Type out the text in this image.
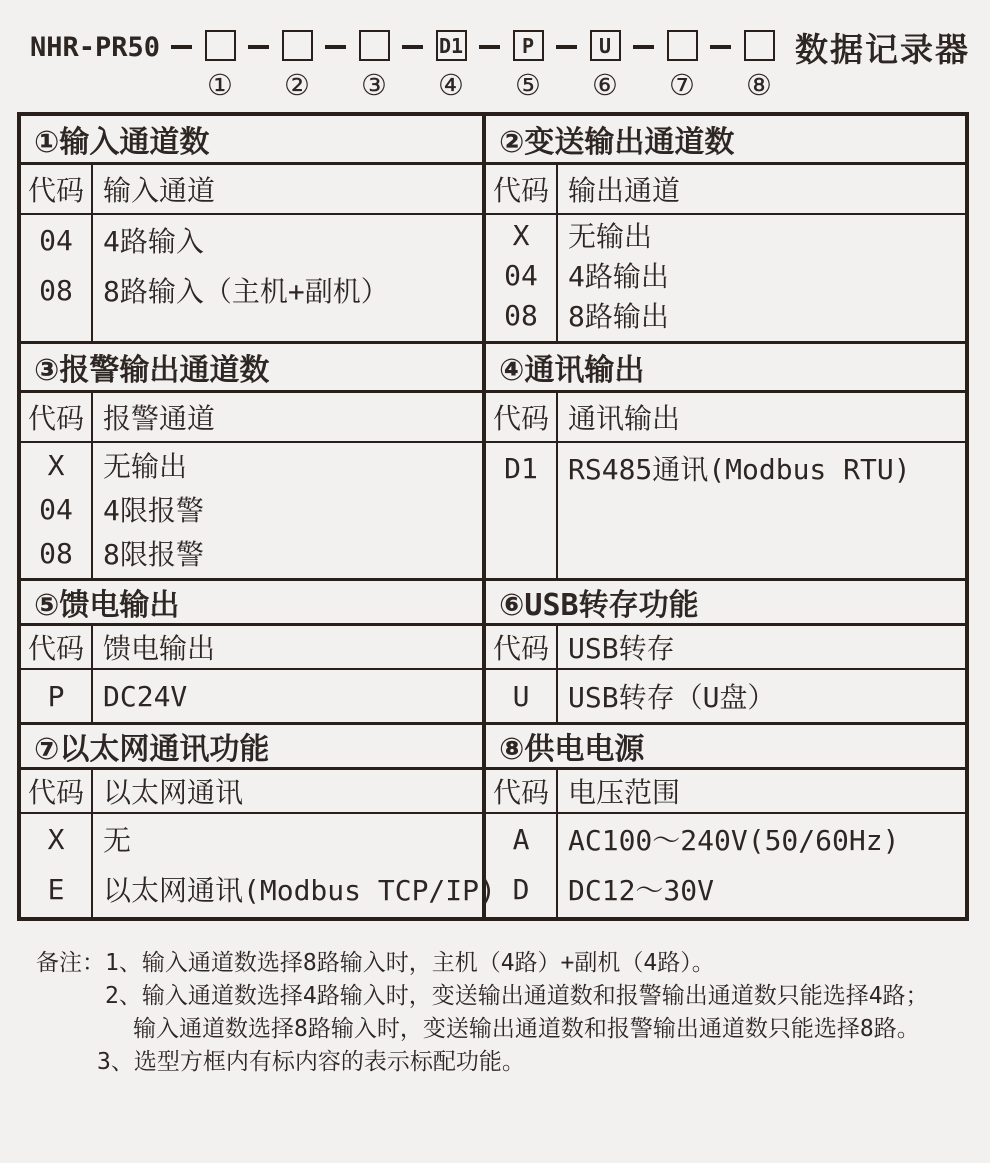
NHR-PR50
① ② ③
D1
④
P
⑤
U
⑥ ⑦ ⑧
数据记录器
①输入通道数
代码 输入通道
04	4路输入
08	8路输入（主机+副机）
②变送输出通道数
代码 输出通道
X	无输出
04	4路输出
08	8路输出
③报警输出通道数
代码 报警通道
X	无输出
04	4限报警
08	8限报警
④通讯输出
代码 通讯输出
D1	RS485通讯(Modbus RTU)
⑤馈电输出
代码 馈电输出
P	DC24V
⑥USB转存功能
代码 USB转存
U	USB转存（U盘）
⑦以太网通讯功能
代码 以太网通讯
X	无
E	以太网通讯(Modbus TCP/IP)
⑧供电电源
代码 电压范围
A	AC100～240V(50/60Hz)
D	DC12～30V
备注：1、输入通道数选择8路输入时，主机（4路）+副机（4路）。
2、输入通道数选择4路输入时，变送输出通道数和报警输出通道数只能选择4路；
输入通道数选择8路输入时，变送输出通道数和报警输出通道数只能选择8路。
3、选型方框内有标内容的表示标配功能。
